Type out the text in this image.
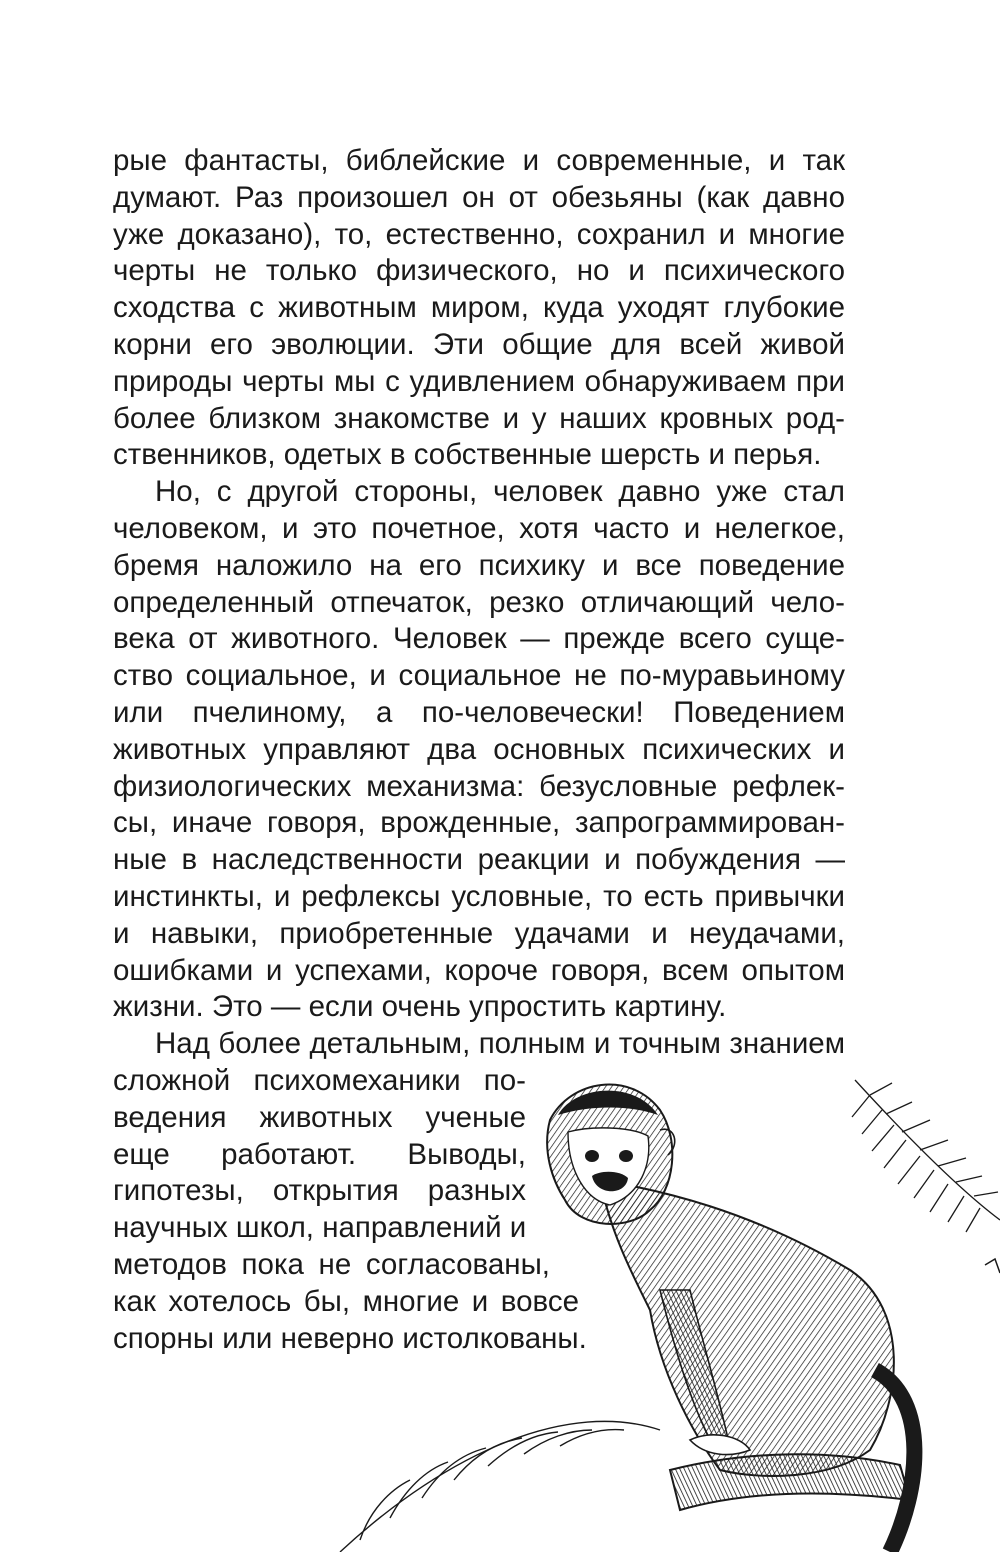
рые фантасты, библейские и современные, и так
думают. Раз произошел он от обезьяны (как давно
уже доказано), то, естественно, сохранил и многие
черты не только физического, но и психического
сходства с животным миром, куда уходят глубокие
корни его эволюции. Эти общие для всей живой
природы черты мы с удивлением обнаруживаем при
более близком знакомстве и у наших кровных род-
ственников, одетых в собственные шерсть и перья.
Но, с другой стороны, человек давно уже стал
человеком, и это почетное, хотя часто и нелегкое,
бремя наложило на его психику и все поведение
определенный отпечаток, резко отличающий чело-
века от животного. Человек — прежде всего суще-
ство социальное, и социальное не по-муравьиному
или пчелиному, а по-человечески! Поведением
животных управляют два основных психических и
физиологических механизма: безусловные рефлек-
сы, иначе говоря, врожденные, запрограммирован-
ные в наследственности реакции и побуждения —
инстинкты, и рефлексы условные, то есть привычки
и навыки, приобретенные удачами и неудачами,
ошибками и успехами, короче говоря, всем опытом
жизни. Это — если очень упростить картину.
Над более детальным, полным и точным знанием
сложной психомеханики по-
ведения животных ученые
еще работают. Выводы,
гипотезы, открытия разных
научных школ, направлений и
методов пока не согласованы,
как хотелось бы, многие и вовсе
спорны или неверно истолкованы.
